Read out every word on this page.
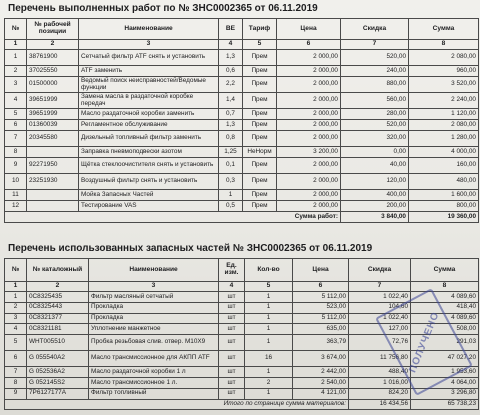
Перечень выполненных работ по № ЗНС0002365 от 06.11.2019
№	№ рабочей позиции	Наименование	ВЕ	Тариф	Цена	Скидка	Сумма
1	2	3	4	5	6	7	8
1	38761900	Сетчатый фильтр АТF снять и установить	1,3	Прем	2 000,00	520,00	2 080,00
2	37025550	АТF заменить	0,6	Прем	2 000,00	240,00	960,00
3	01500000	Ведомый поиск неисправностей/Ведомые функции	2,2	Прем	2 000,00	880,00	3 520,00
4	39651999	Замена масла в раздаточной коробке передач	1,4	Прем	2 000,00	560,00	2 240,00
5	39651999	Масло раздаточной коробки заменить	0,7	Прем	2 000,00	280,00	1 120,00
6	01360039	Регламентное обслуживание	1,3	Прем	2 000,00	520,00	2 080,00
7	20345580	Дизельный топливный фильтр заменить	0,8	Прем	2 000,00	320,00	1 280,00
8		Заправка пневмоподвески азотом	1,25	НеНорм	3 200,00	0,00	4 000,00
9	92271950	Щётка стеклоочистителя снять и установить	0,1	Прем	2 000,00	40,00	160,00
10	23251930	Воздушный фильтр снять и установить	0,3	Прем	2 000,00	120,00	480,00
11		Мойка Запасных Частей	1	Прем	2 000,00	400,00	1 600,00
12		Тестирование VAS	0,5	Прем	2 000,00	200,00	800,00
Сумма работ:						3 840,00	19 360,00
Перечень использованных запасных частей № ЗНС0002365 от 06.11.2019
№	№ каталожный	Наименование	Ед. изм.	Кол-во	Цена	Скидка	Сумма
1	2	3	4	5	6	7	8
1	0C8325435	Фильтр масляный сетчатый	шт	1	5 112,00	1 022,40	4 089,60
2	0C8325443	Прокладка	шт	1	523,00	104,60	418,40
3	0C8321377	Прокладка	шт	1	5 112,00	1 022,40	4 089,60
4	0C8321181	Уплотнение манжетное	шт	1	635,00	127,00	508,00
5	WHT005510	Пробка резьбовая слив. отвер. M10X9	шт	1	363,79	72,76	291,03
6	G 055540A2	Масло трансмиссионное для АКПП ATF	шт	16	3 674,00	11 756,80	47 027,20
7	G 052536A2	Масло раздаточной коробки 1 л	шт	1	2 442,00	488,40	1 953,60
8	G 052145S2	Масло трансмиссионное 1 л.	шт	2	2 540,00	1 016,00	4 064,00
9	7P6127177A	Фильтр топливный	шт	1	4 121,00	824,20	3 296,80
Итого по странице сумма материалов:						16 434,56	65 738,23
ПОЛУЧЕНО
